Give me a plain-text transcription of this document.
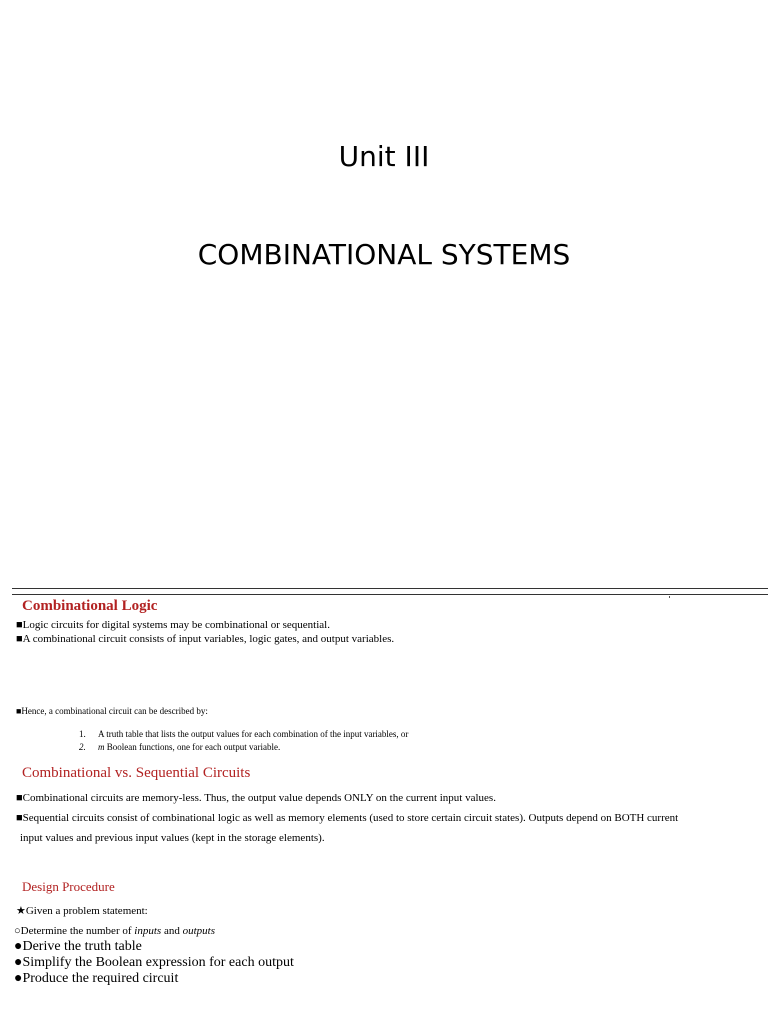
Unit III
COMBINATIONAL SYSTEMS
Combinational Logic
■Logic circuits for digital systems may be combinational or sequential.
■A combinational circuit consists of input variables, logic gates, and output variables.
■Hence, a combinational circuit can be described by:
1. A truth table that lists the output values for each combination of the input variables, or
2. m Boolean functions, one for each output variable.
Combinational vs. Sequential Circuits
■Combinational circuits are memory-less. Thus, the output value depends ONLY on the current input values.
■Sequential circuits consist of combinational logic as well as memory elements (used to store certain circuit states). Outputs depend on BOTH current
input values and previous input values (kept in the storage elements).
Design Procedure
★Given a problem statement:
○Determine the number of inputs and outputs
●Derive the truth table
●Simplify the Boolean expression for each output
●Produce the required circuit
